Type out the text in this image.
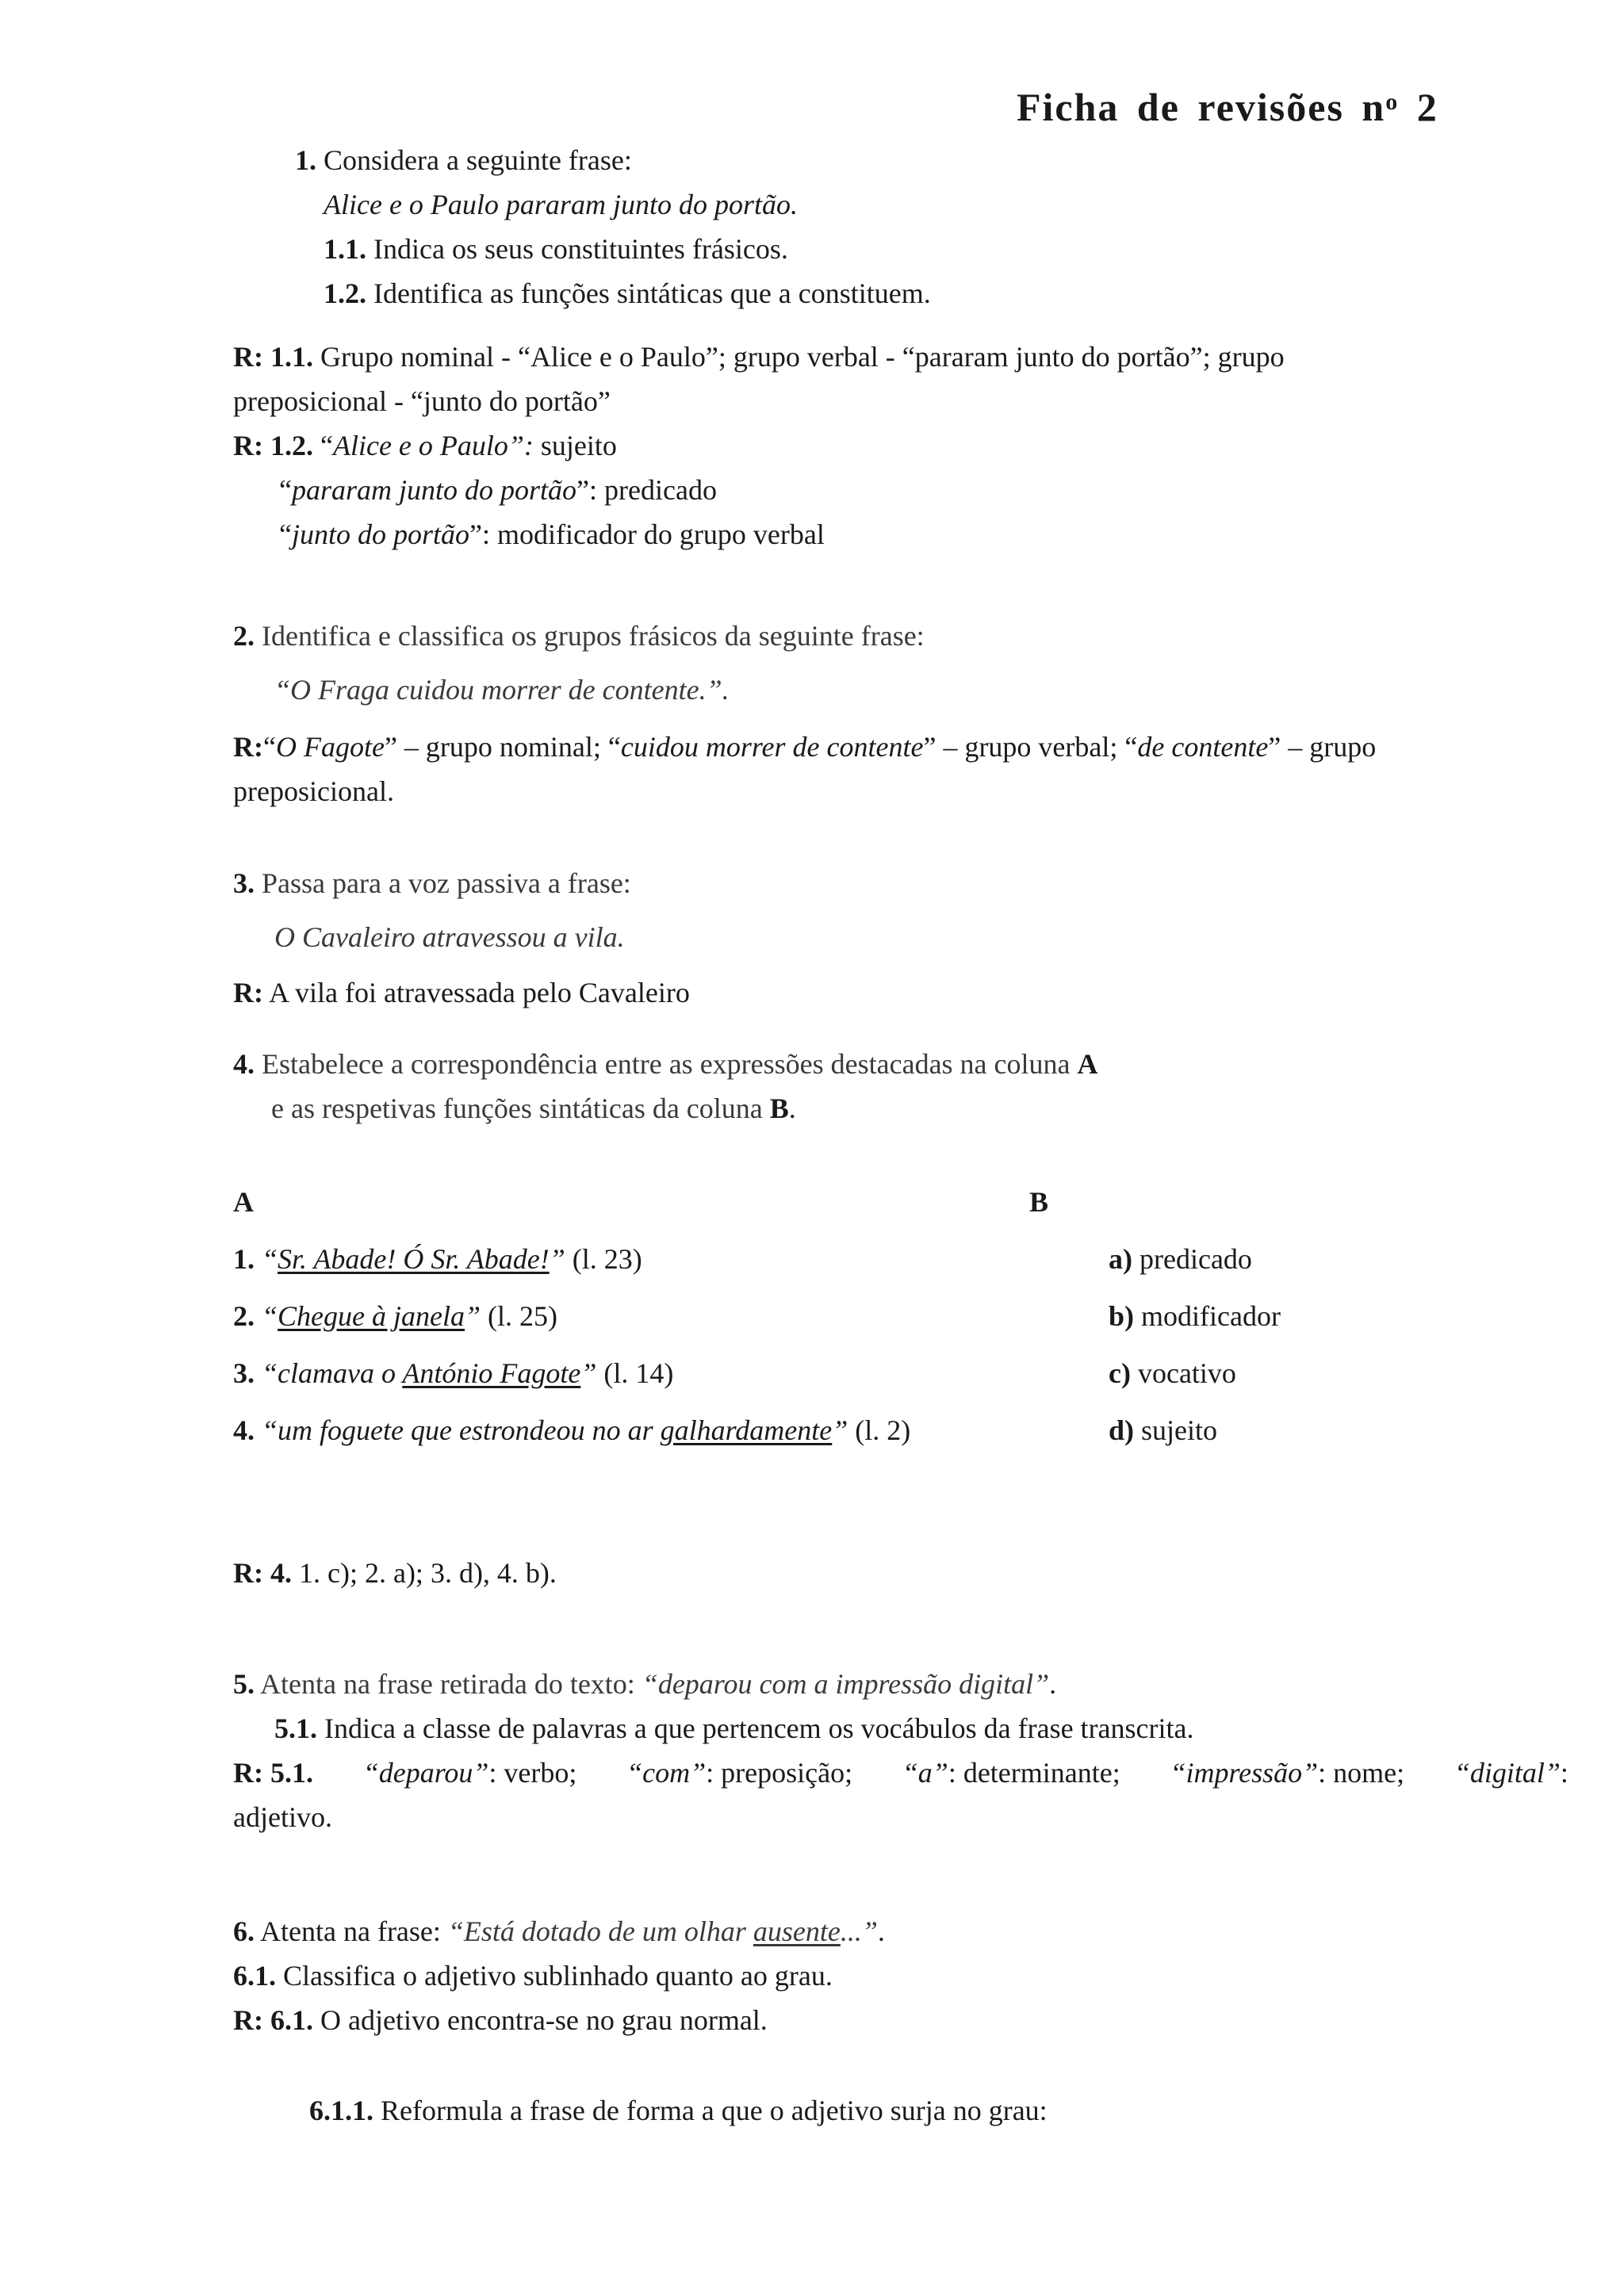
Ficha de revisões $n^o$ 2
1. Considera a seguinte frase:
Alice e o Paulo pararam junto do portão.
1.1. Indica os seus constituintes frásicos.
1.2. Identifica as funções sintáticas que a constituem.
R: 1.1. Grupo nominal - “Alice e o Paulo”; grupo verbal - “pararam junto do portão”; grupo
preposicional - “junto do portão”
R: 1.2. “Alice e o Paulo”: sujeito
“pararam junto do portão”: predicado
“junto do portão”: modificador do grupo verbal
2. Identifica e classifica os grupos frásicos da seguinte frase:
“O Fraga cuidou morrer de contente.”.
R:“O Fagote” – grupo nominal; “cuidou morrer de contente” – grupo verbal; “de contente” – grupo
preposicional.
3. Passa para a voz passiva a frase:
O Cavaleiro atravessou a vila.
R: A vila foi atravessada pelo Cavaleiro
4. Estabelece a correspondência entre as expressões destacadas na coluna A
e as respetivas funções sintáticas da coluna B.
A	B
1. “Sr. Abade! Ó Sr. Abade!” (l. 23)	a) predicado
2. “Chegue à janela” (l. 25)	b) modificador
3. “clamava o António Fagote” (l. 14)	c) vocativo
4. “um foguete que estrondeou no ar galhardamente” (l. 2)	d) sujeito
R: 4. 1. c); 2. a); 3. d), 4. b).
5. Atenta na frase retirada do texto: “deparou com a impressão digital”.
5.1. Indica a classe de palavras a que pertencem os vocábulos da frase transcrita.
R: 5.1. “deparou”: verbo; “com”: preposição; “a”: determinante; “impressão”: nome; “digital”:
adjetivo.
6. Atenta na frase: “Está dotado de um olhar ausente...”.
6.1. Classifica o adjetivo sublinhado quanto ao grau.
R: 6.1. O adjetivo encontra-se no grau normal.
6.1.1. Reformula a frase de forma a que o adjetivo surja no grau:
